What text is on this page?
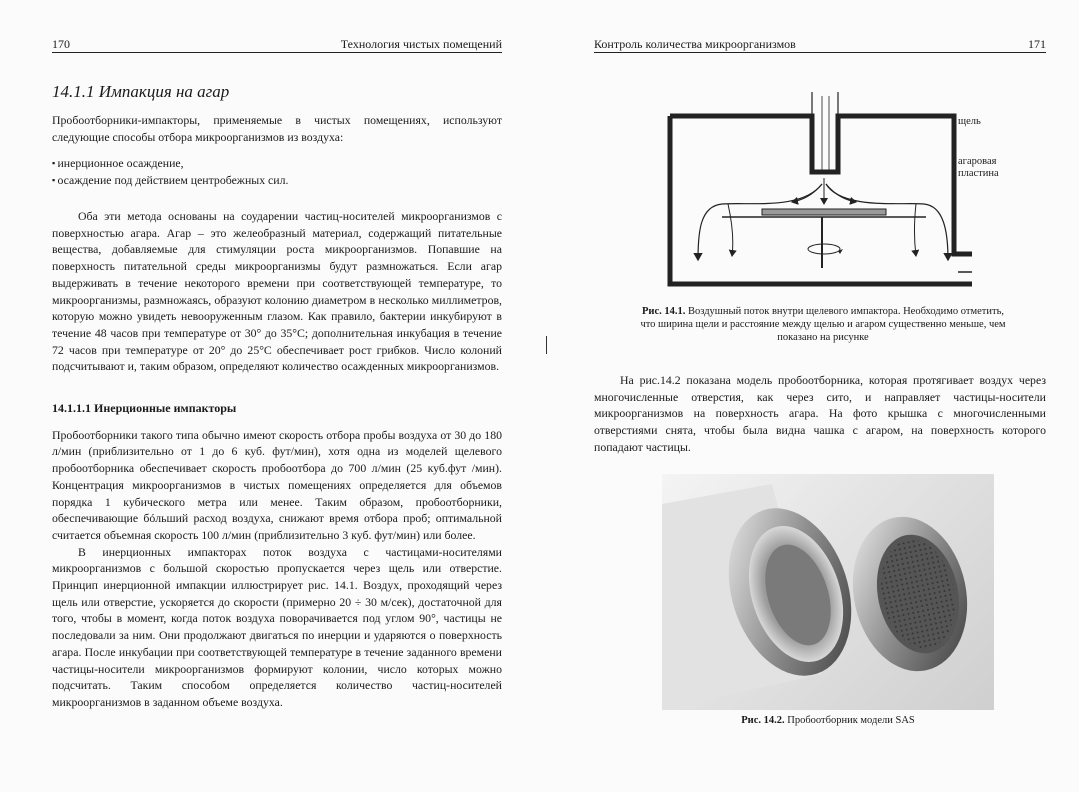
170	Технология чистых помещений
14.1.1 Импакция на агар

Пробоотборники-импакторы, применяемые в чистых помещениях, используют следующие способы отбора микроорганизмов из воздуха:

▪ инерционное осаждение,
▪ осаждение под действием центробежных сил.

Оба эти метода основаны на соударении частиц-носителей микроорганизмов с поверхностью агара. Агар – это желеобразный материал, содержащий питательные вещества, добавляемые для стимуляции роста микроорганизмов. Попавшие на поверхность питательной среды микроорганизмы будут размножаться. Если агар выдерживать в течение некоторого времени при соответствующей температуре, то микроорганизмы, размножаясь, образуют колонию диаметром в несколько миллиметров, которую можно увидеть невооруженным глазом. Как правило, бактерии инкубируют в течение 48 часов при температуре от 30° до 35°С; дополнительная инкубация в течение 72 часов при температуре от 20° до 25°С обеспечивает рост грибков. Число колоний подсчитывают и, таким образом, определяют количество осажденных микроорганизмов.

14.1.1.1 Инерционные импакторы

Пробоотборники такого типа обычно имеют скорость отбора пробы воздуха от 30 до 180 л/мин (приблизительно от 1 до 6 куб. фут/мин), хотя одна из моделей щелевого пробоотборника обеспечивает скорость пробоотбора до 700 л/мин (25 куб.фут /мин). Концентрация микроорганизмов в чистых помещениях определяется для объемов порядка 1 кубического метра или менее. Таким образом, пробоотборники, обеспечивающие бóльший расход воздуха, снижают время отбора проб; оптимальной считается объемная скорость 100 л/мин (приблизительно 3 куб. фут/мин) или более.

В инерционных импакторах поток воздуха с частицами-носителями микроорганизмов с большой скоростью пропускается через щель или отверстие. Принцип инерционной импакции иллюстрирует рис. 14.1. Воздух, проходящий через щель или отверстие, ускоряется до скорости (примерно 20 ÷ 30 м/сек), достаточной для того, чтобы в момент, когда поток воздуха поворачивается под углом 90°, частицы не последовали за ним. Они продолжают двигаться по инерции и ударяются о поверхность агара. После инкубации при соответствующей температуре в течение заданного времени частицы-носители микроорганизмов формируют колонии, число которых можно подсчитать. Таким способом определяется количество частиц-носителей микроорганизмов в заданном объеме воздуха.

Контроль количества микроорганизмов	171
щель
агаровая
пластина
Рис. 14.1. Воздушный поток внутри щелевого импактора. Необходимо отметить, что ширина щели и расстояние между щелью и агаром существенно меньше, чем показано на рисунке

На рис.14.2 показана модель пробоотборника, которая протягивает воздух через многочисленные отверстия, как через сито, и направляет частицы-носители микроорганизмов на поверхность агара. На фото крышка с многочисленными отверстиями снята, чтобы была видна чашка с агаром, на поверхность которого попадают частицы.

Рис. 14.2. Пробоотборник модели SAS
